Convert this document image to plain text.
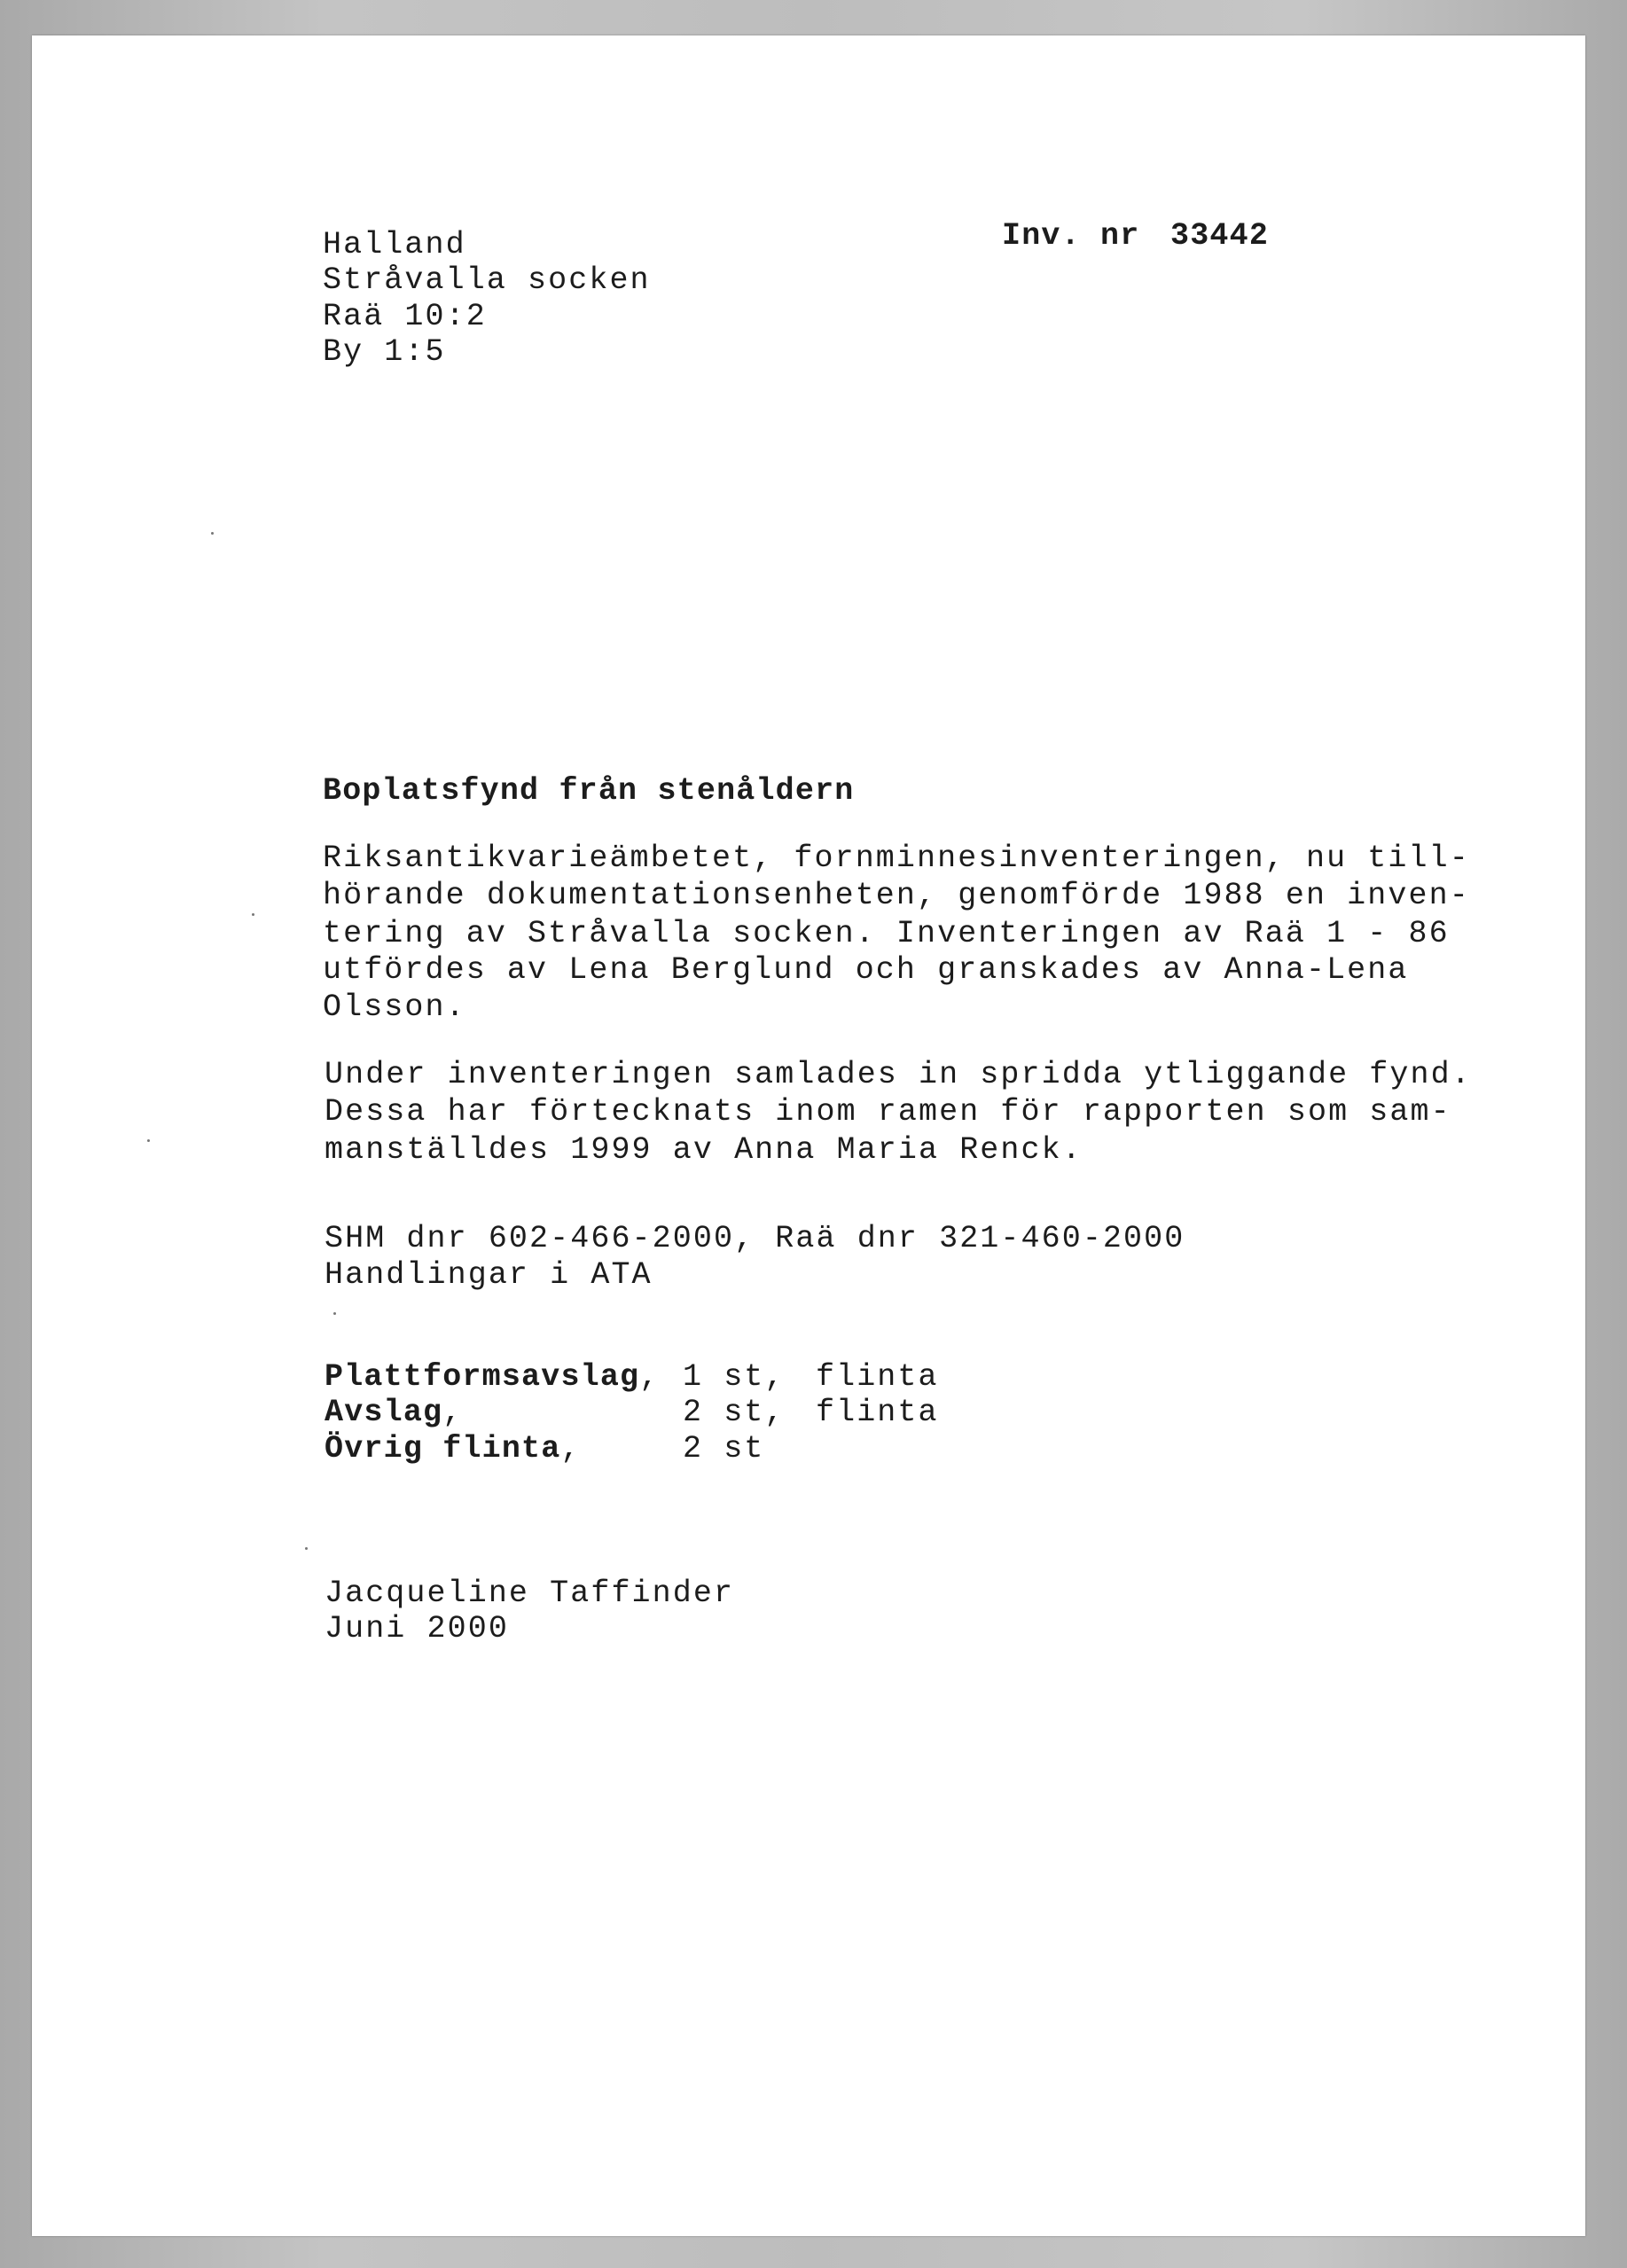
Halland
Stråvalla socken
Raä 10:2
By 1:5
Inv. nr 33442
Boplatsfynd från stenåldern
Riksantikvarieämbetet, fornminnesinventeringen, nu till-
hörande dokumentationsenheten, genomförde 1988 en inven-
tering av Stråvalla socken. Inventeringen av Raä 1 - 86
utfördes av Lena Berglund och granskades av Anna-Lena
Olsson.
Under inventeringen samlades in spridda ytliggande fynd.
Dessa har förtecknats inom ramen för rapporten som sam-
manställdes 1999 av Anna Maria Renck.
SHM dnr 602-466-2000, Raä dnr 321-460-2000
Handlingar i ATA
Plattformsavslag, 1 st, flinta
Avslag,	2 st, flinta
Övrig flinta,	2 st
Jacqueline Taffinder
Juni 2000
